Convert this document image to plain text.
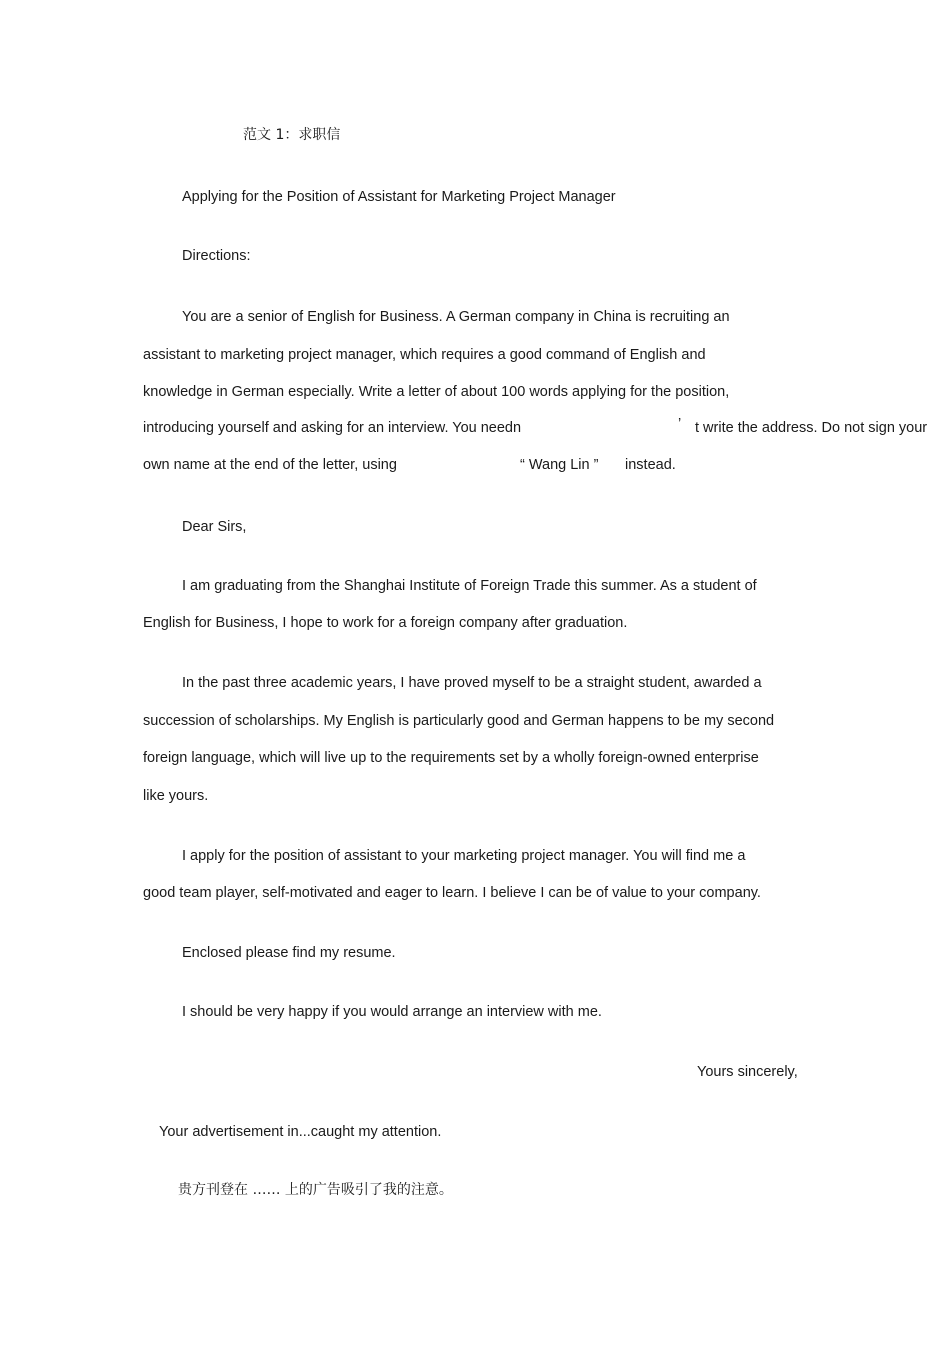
范文 1：求职信
Applying for the Position of Assistant for Marketing Project Manager
Directions:
You are a senior of English for Business. A German company in China is recruiting an
assistant to marketing project manager, which requires a good command of English and
knowledge in German especially. Write a letter of about 100 words applying for the position,
introducing yourself and asking for an interview. You needn	’ t write the address. Do not sign your
own name at the end of the letter, using	“ Wang Lin ” instead.
Dear Sirs,
I am graduating from the Shanghai Institute of Foreign Trade this summer. As a student of
English for Business, I hope to work for a foreign company after graduation.
In the past three academic years, I have proved myself to be a straight student, awarded a
succession of scholarships. My English is particularly good and German happens to be my second
foreign language, which will live up to the requirements set by a wholly foreign-owned enterprise
like yours.
I apply for the position of assistant to your marketing project manager. You will find me a
good team player, self-motivated and eager to learn. I believe I can be of value to your company.
Enclosed please find my resume.
I should be very happy if you would arrange an interview with me.
Yours sincerely,
Your advertisement in...caught my attention.
贵方刊登在 …… 上的广告吸引了我的注意。
